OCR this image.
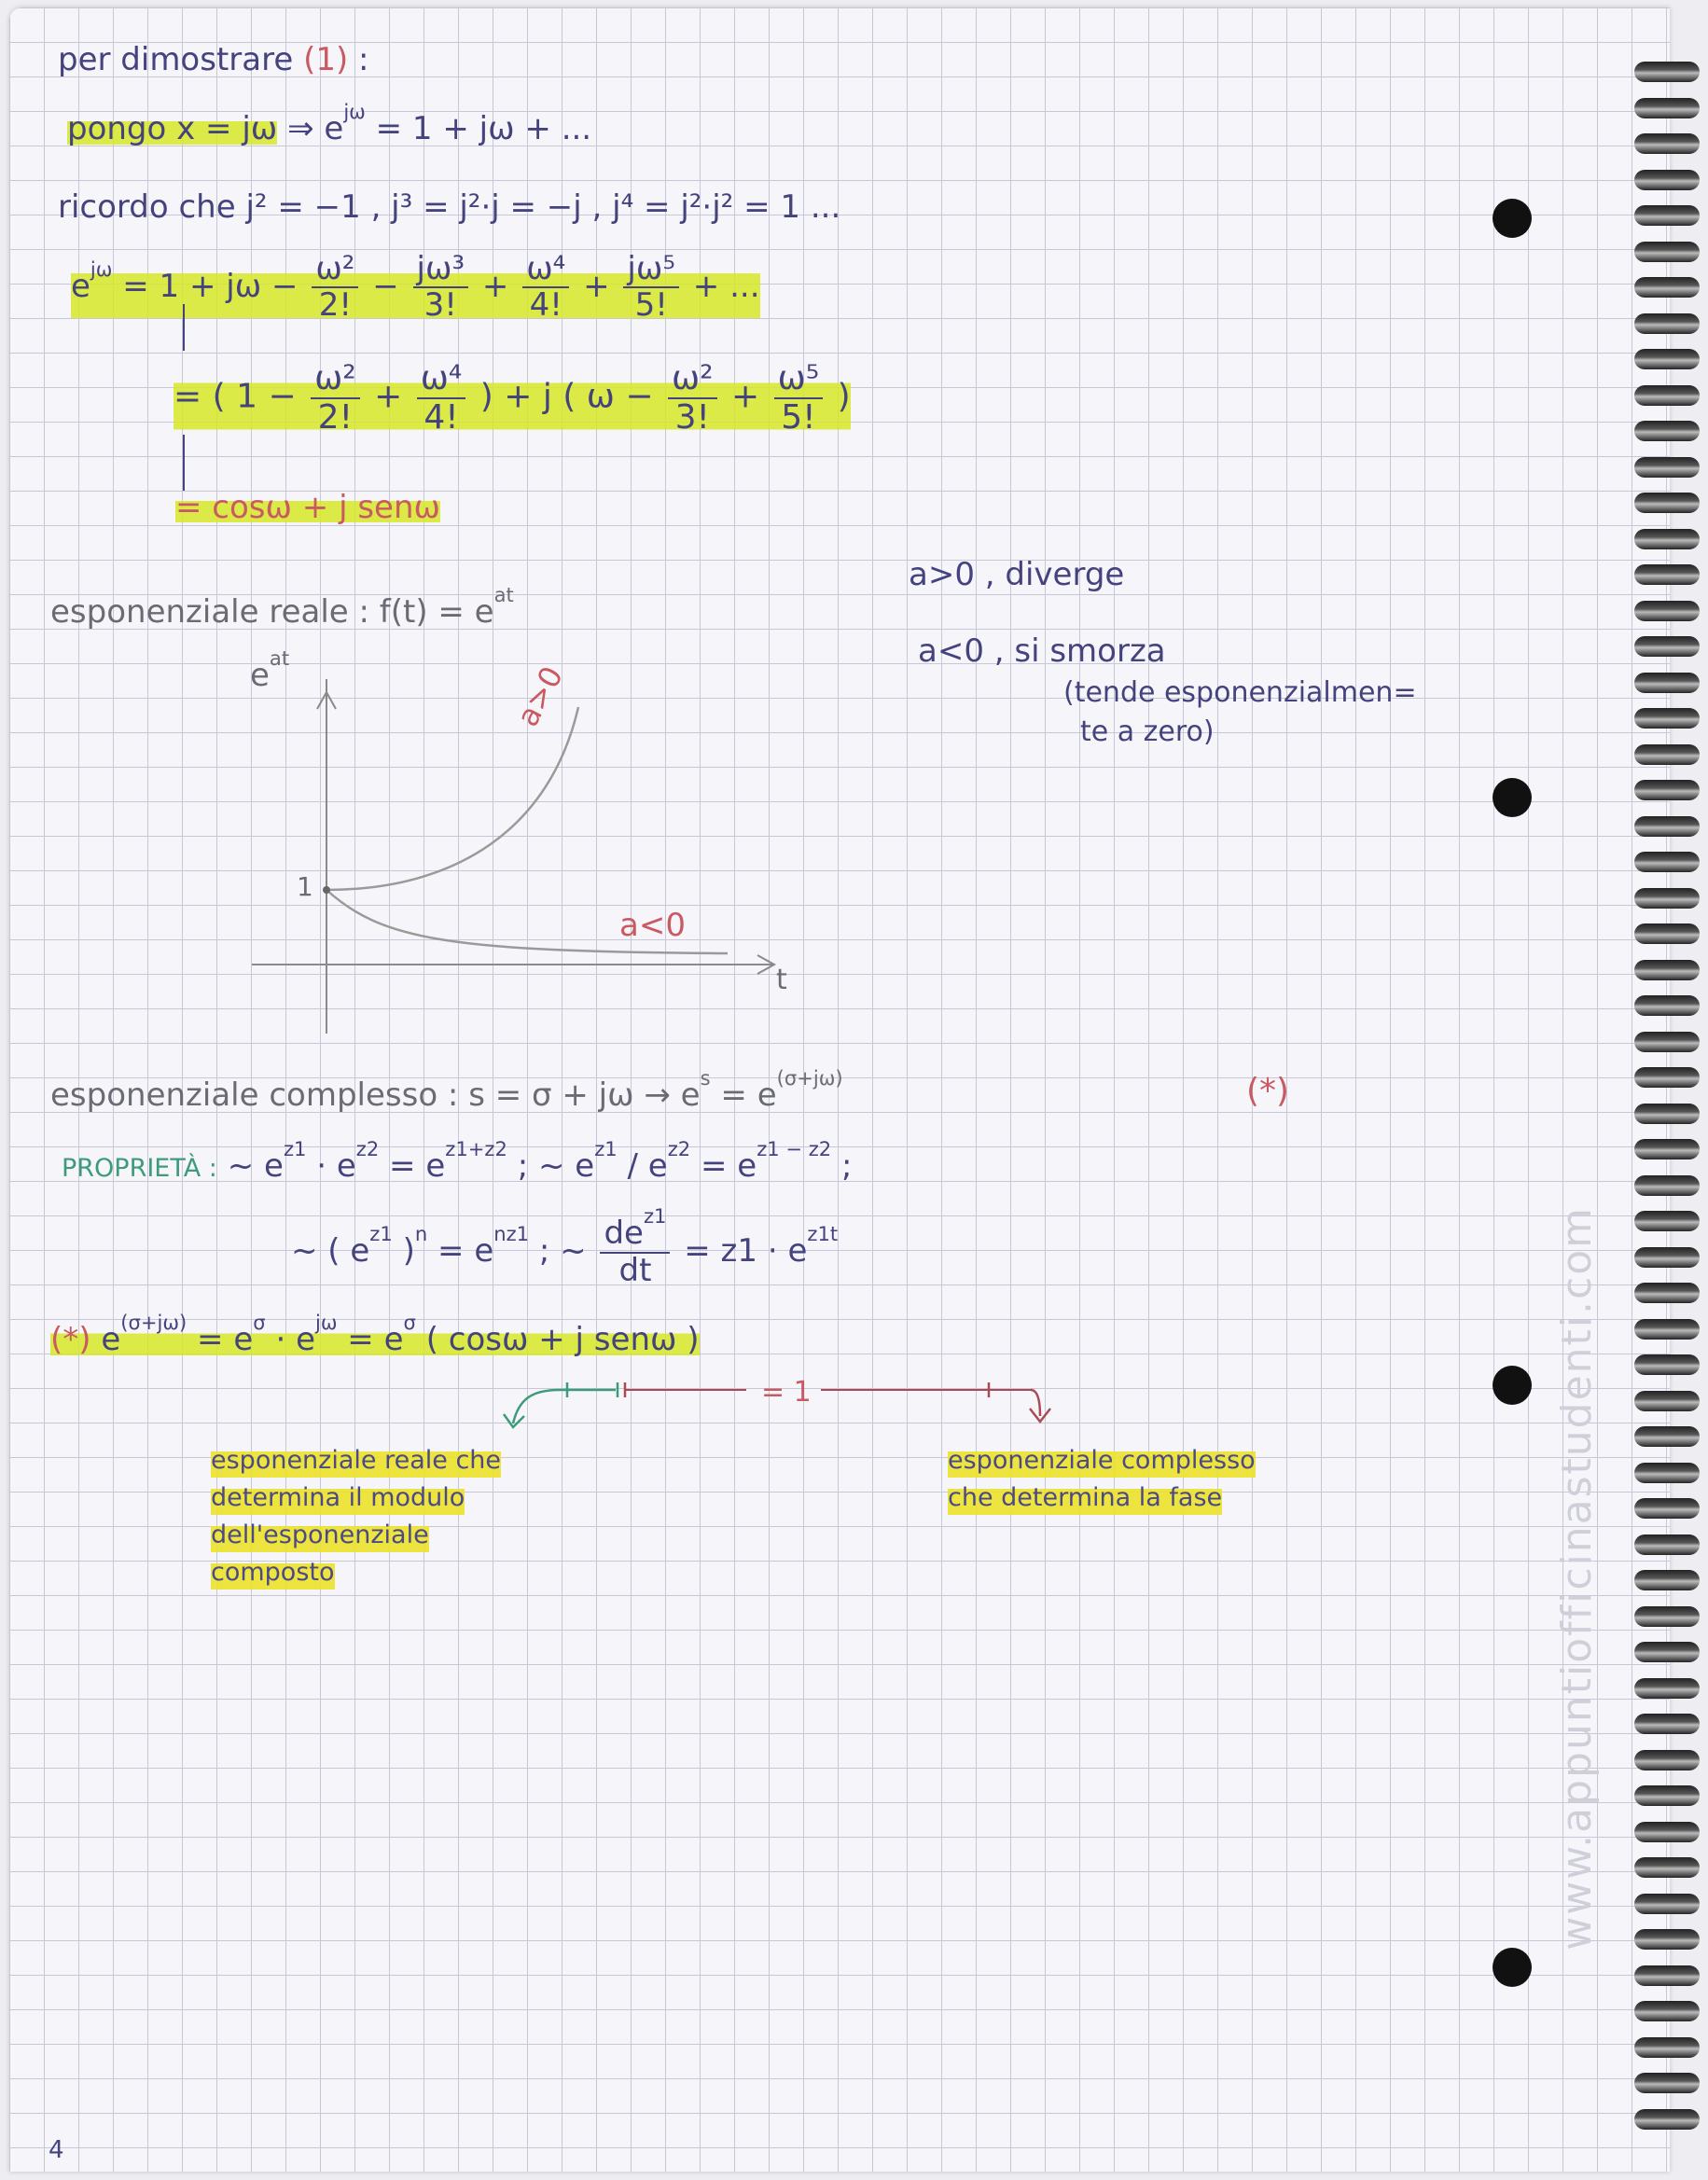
per dimostrare (1) :
pongo x = jω ⇒ $e^{j\omega} = 1 + j\omega$ + ...
ricordo che j² = −1 , j³ = j²·j = −j , j⁴ = j²·j² = 1 ...
$e^{j\omega} = 1 + j\omega - \frac{\text{ω²}}{2!} - \frac{\text{jω³}}{3!} + \frac{\text{ω⁴}}{4!} + \frac{\text{jω⁵}}{5!}$ + ...
= ( $1 - \frac{\text{ω²}}{2!} + \frac{\text{ω⁴}}{4!}$ ) + j ( $\omega - \frac{\text{ω²}}{3!} + \frac{\text{ω⁵}}{5!}$ )
= cosω + j senω
esponenziale reale : $f(t) = e^{at}$
a>0 , diverge
a<0 , si smorza
(tende esponenzialmen=
te a zero)
$e^{at}$
1
t
a>0
a<0
esponenziale complesso : $s = \sigma + j\omega \to e^s = e^{(\sigma+j\omega)}$	(*)
PROPRIETÀ : ~ $e^{z1} \cdot e^{z2} = e^{z1+z2}$ ; ~ $e^{z1} / e^{z2} = e^{z1 - z2}$ ;
~ ( $e^{z1}$ )$^n = e^{nz1}$ ; ~ $\frac{de^{z1}}{dt} = z1 \cdot e^{z1t}$
(*) $e^{(\sigma+j\omega)} = e^\sigma \cdot e^{j\omega} = e^\sigma$ ( cosω + j senω )
= 1
esponenziale reale che
determina il modulo
dell'esponenziale
composto
esponenziale complesso
che determina la fase	www.appuntiofficinastudenti.com
4
